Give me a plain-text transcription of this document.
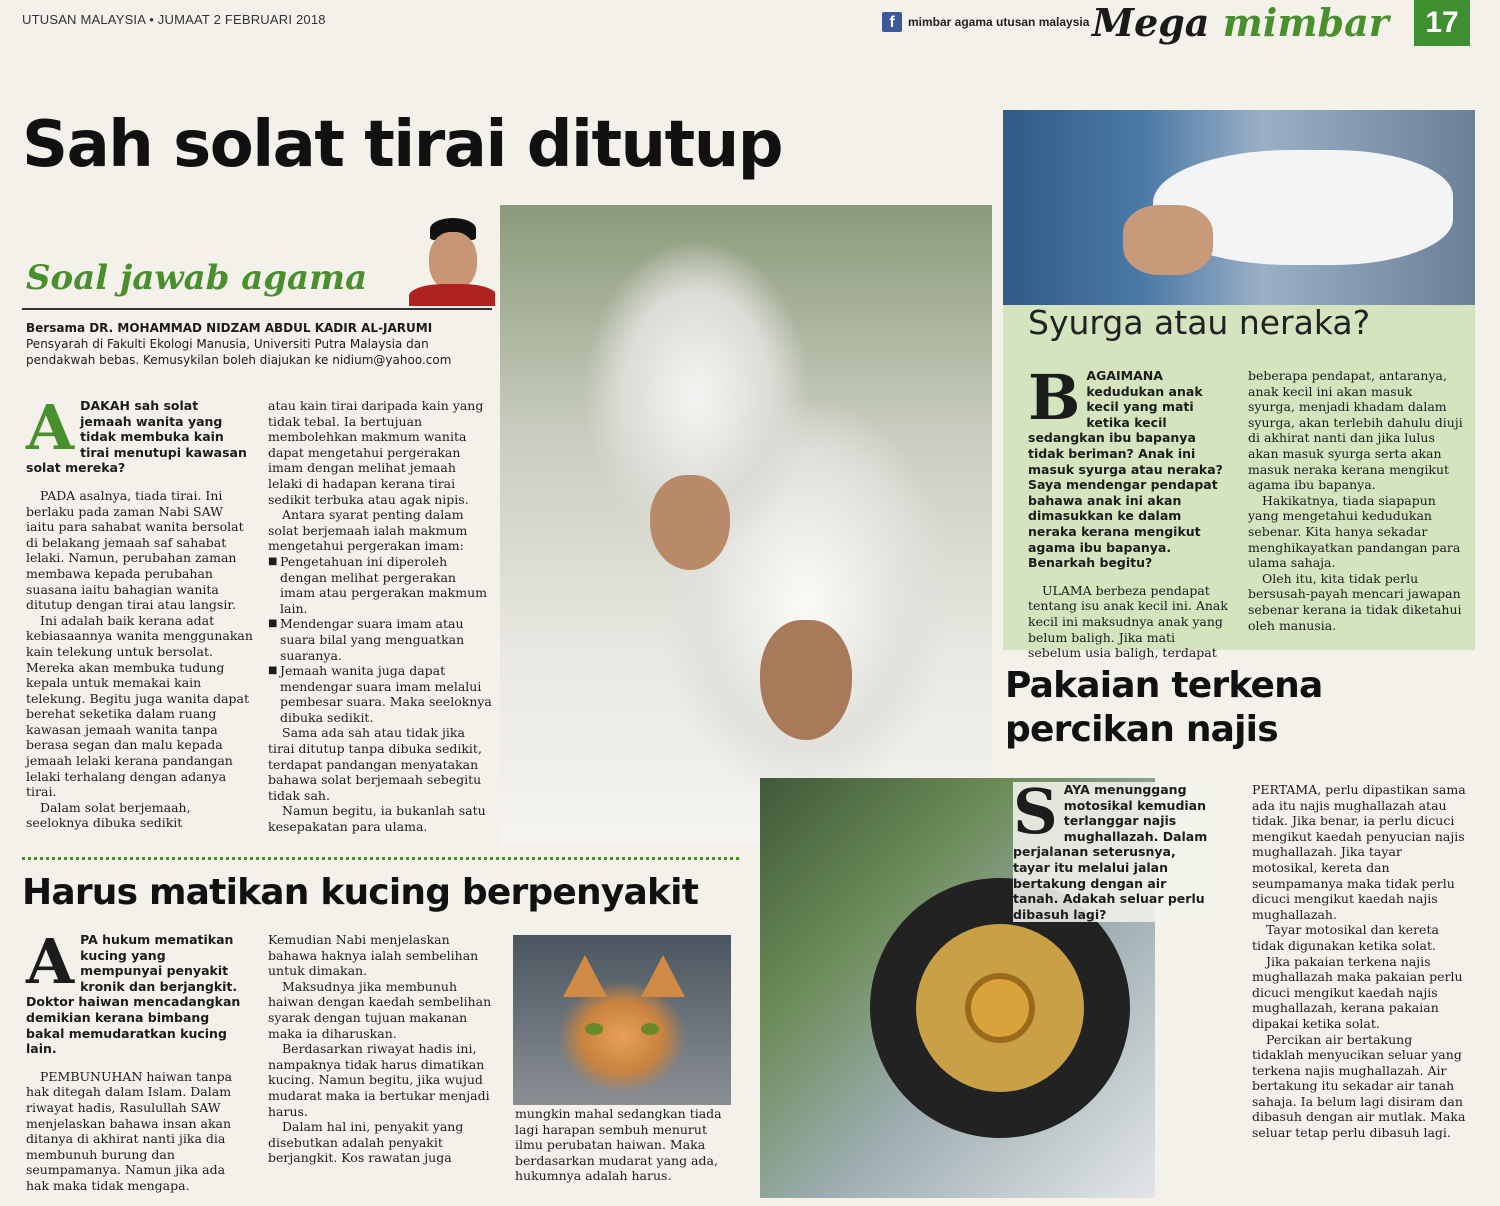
UTUSAN MALAYSIA • JUMAAT 2 FEBRUARI 2018	f	mimbar agama utusan malaysia Mega mimbar	17
Sah solat tirai ditutup
Soal jawab agama
Bersama DR. MOHAMMAD NIDZAM ABDUL KADIR AL-JARUMI
Pensyarah di Fakulti Ekologi Manusia, Universiti Putra Malaysia dan pendakwah bebas. Kemusykilan boleh diajukan ke nidium@yahoo.com
A DAKAH sah solat jemaah wanita yang tidak membuka kain tirai menutupi kawasan solat mereka?

PADA asalnya, tiada tirai. Ini berlaku pada zaman Nabi SAW iaitu para sahabat wanita bersolat di belakang jemaah saf sahabat lelaki. Namun, perubahan zaman membawa kepada perubahan suasana iaitu bahagian wanita ditutup dengan tirai atau langsir.

Ini adalah baik kerana adat kebiasaannya wanita menggunakan kain telekung untuk bersolat. Mereka akan membuka tudung kepala untuk memakai kain telekung. Begitu juga wanita dapat berehat seketika dalam ruang kawasan jemaah wanita tanpa berasa segan dan malu kepada jemaah lelaki kerana pandangan lelaki terhalang dengan adanya tirai.

Dalam solat berjemaah, seeloknya dibuka sedikit

atau kain tirai daripada kain yang tidak tebal. Ia bertujuan membolehkan makmum wanita dapat mengetahui pergerakan imam dengan melihat jemaah lelaki di hadapan kerana tirai sedikit terbuka atau agak nipis.

Antara syarat penting dalam solat berjemaah ialah makmum mengetahui pergerakan imam:

■ Pengetahuan ini diperoleh dengan melihat pergerakan imam atau pergerakan makmum lain.
■ Mendengar suara imam atau suara bilal yang menguatkan suaranya.
■ Jemaah wanita juga dapat mendengar suara imam melalui pembesar suara. Maka seeloknya dibuka sedikit.

Sama ada sah atau tidak jika tirai ditutup tanpa dibuka sedikit, terdapat pandangan menyatakan bahawa solat berjemaah sebegitu tidak sah.

Namun begitu, ia bukanlah satu kesepakatan para ulama.

Harus matikan kucing berpenyakit
A PA hukum mematikan kucing yang mempunyai penyakit kronik dan berjangkit. Doktor haiwan mencadangkan demikian kerana bimbang bakal memudaratkan kucing lain.

PEMBUNUHAN haiwan tanpa hak ditegah dalam Islam. Dalam riwayat hadis, Rasulullah SAW menjelaskan bahawa insan akan ditanya di akhirat nanti jika dia membunuh burung dan seumpamanya. Namun jika ada hak maka tidak mengapa.

Kemudian Nabi menjelaskan bahawa haknya ialah sembelihan untuk dimakan.

Maksudnya jika membunuh haiwan dengan kaedah sembelihan syarak dengan tujuan makanan maka ia diharuskan.

Berdasarkan riwayat hadis ini, nampaknya tidak harus dimatikan kucing. Namun begitu, jika wujud mudarat maka ia bertukar menjadi harus.

Dalam hal ini, penyakit yang disebutkan adalah penyakit berjangkit. Kos rawatan juga

mungkin mahal sedangkan tiada lagi harapan sembuh menurut ilmu perubatan haiwan. Maka berdasarkan mudarat yang ada, hukumnya adalah harus.

Syurga atau neraka?
B AGAIMANA kedudukan anak kecil yang mati ketika kecil sedangkan ibu bapanya tidak beriman? Anak ini masuk syurga atau neraka? Saya mendengar pendapat bahawa anak ini akan dimasukkan ke dalam neraka kerana mengikut agama ibu bapanya. Benarkah begitu?

ULAMA berbeza pendapat tentang isu anak kecil ini. Anak kecil ini maksudnya anak yang belum baligh. Jika mati sebelum usia baligh, terdapat

beberapa pendapat, antaranya, anak kecil ini akan masuk syurga, menjadi khadam dalam syurga, akan terlebih dahulu diuji di akhirat nanti dan jika lulus akan masuk syurga serta akan masuk neraka kerana mengikut agama ibu bapanya.

Hakikatnya, tiada siapapun yang mengetahui kedudukan sebenar. Kita hanya sekadar menghikayatkan pandangan para ulama sahaja.

Oleh itu, kita tidak perlu bersusah-payah mencari jawapan sebenar kerana ia tidak diketahui oleh manusia.

Pakaian terkena percikan najis
S AYA menunggang motosikal kemudian terlanggar najis mughallazah. Dalam perjalanan seterusnya, tayar itu melalui jalan bertakung dengan air tanah. Adakah seluar perlu dibasuh lagi?

PERTAMA, perlu dipastikan sama ada itu najis mughallazah atau tidak. Jika benar, ia perlu dicuci mengikut kaedah penyucian najis mughallazah. Jika tayar motosikal, kereta dan seumpamanya maka tidak perlu dicuci mengikut kaedah najis mughallazah.

Tayar motosikal dan kereta tidak digunakan ketika solat.

Jika pakaian terkena najis mughallazah maka pakaian perlu dicuci mengikut kaedah najis mughallazah, kerana pakaian dipakai ketika solat.

Percikan air bertakung tidaklah menyucikan seluar yang terkena najis mughallazah. Air bertakung itu sekadar air tanah sahaja. Ia belum lagi disiram dan dibasuh dengan air mutlak. Maka seluar tetap perlu dibasuh lagi.
